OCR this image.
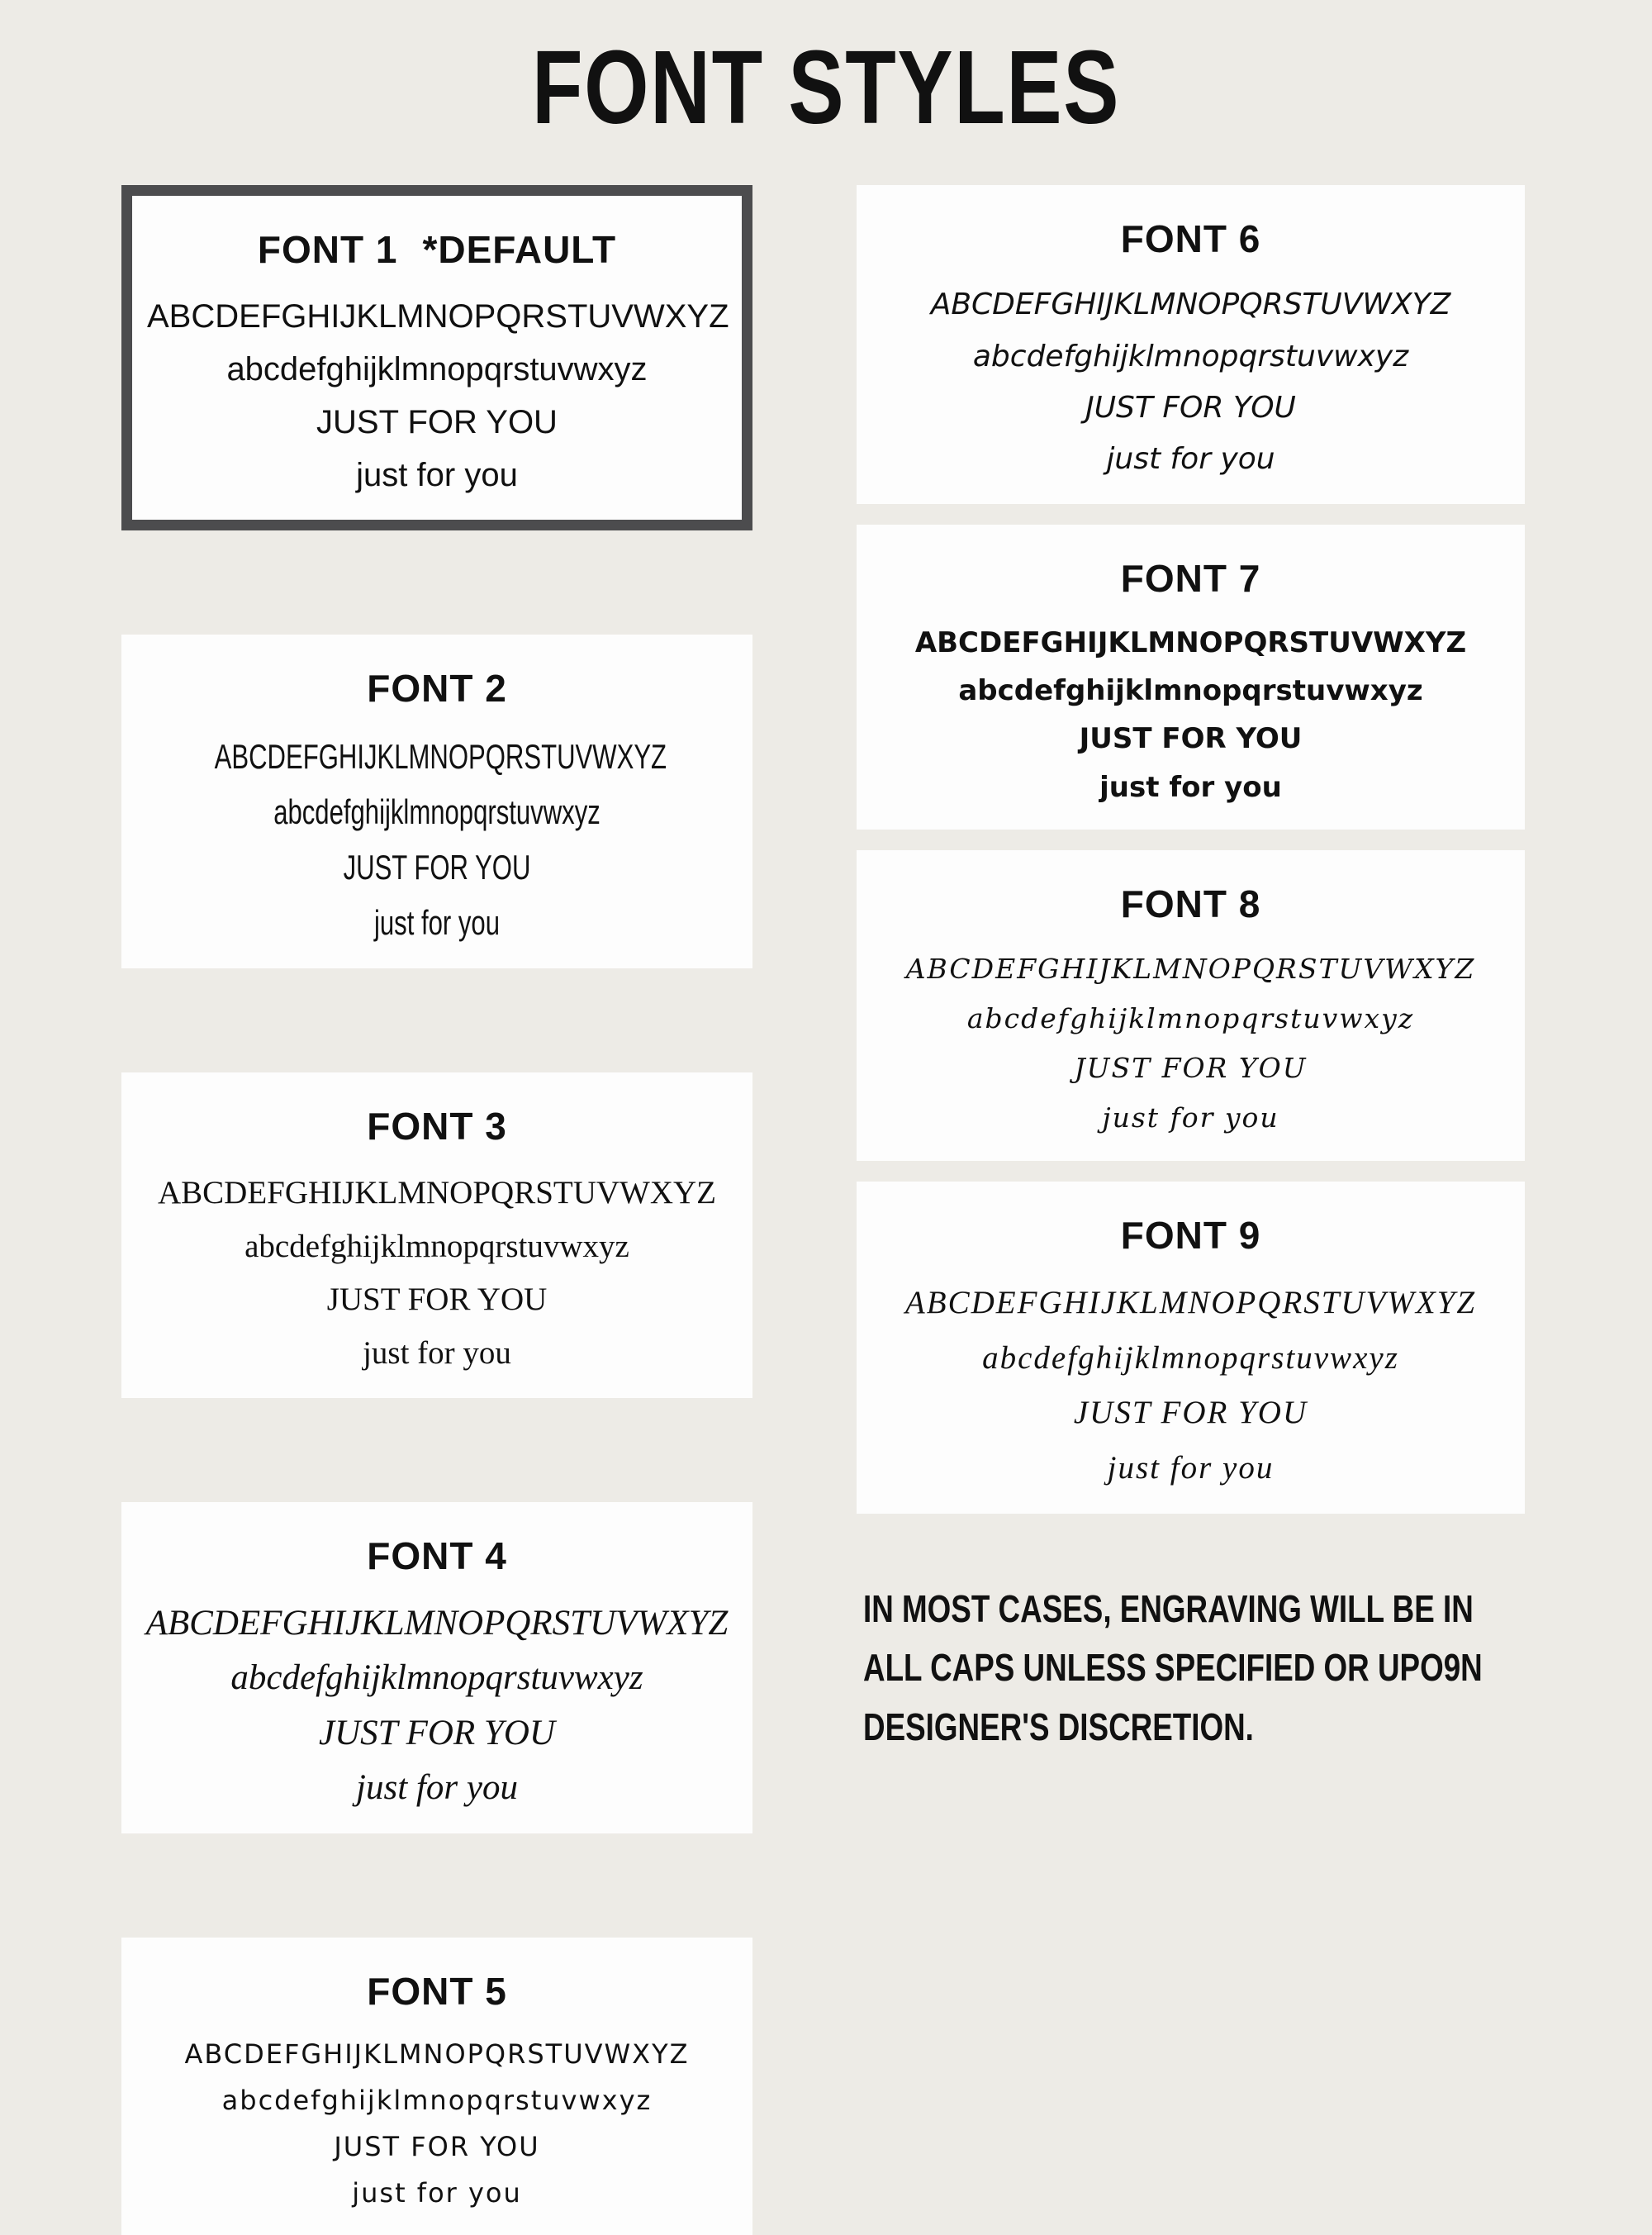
FONT STYLES
FONT 1 *DEFAULT
ABCDEFGHIJKLMNOPQRSTUVWXYZ
abcdefghijklmnopqrstuvwxyz
JUST FOR YOU
just for you
FONT 2
ABCDEFGHIJKLMNOPQRSTUVWXYZ
abcdefghijklmnopqrstuvwxyz
JUST FOR YOU
just for you
FONT 3
ABCDEFGHIJKLMNOPQRSTUVWXYZ
abcdefghijklmnopqrstuvwxyz
JUST FOR YOU
just for you
FONT 4
ABCDEFGHIJKLMNOPQRSTUVWXYZ
abcdefghijklmnopqrstuvwxyz
JUST FOR YOU
just for you
FONT 5
ABCDEFGHIJKLMNOPQRSTUVWXYZ
abcdefghijklmnopqrstuvwxyz
JUST FOR YOU
just for you
FONT 6
ABCDEFGHIJKLMNOPQRSTUVWXYZ
abcdefghijklmnopqrstuvwxyz
JUST FOR YOU
just for you
FONT 7
ABCDEFGHIJKLMNOPQRSTUVWXYZ
abcdefghijklmnopqrstuvwxyz
JUST FOR YOU
just for you
FONT 8
ABCDEFGHIJKLMNOPQRSTUVWXYZ
abcdefghijklmnopqrstuvwxyz
JUST FOR YOU
just for you
FONT 9
ABCDEFGHIJKLMNOPQRSTUVWXYZ
abcdefghijklmnopqrstuvwxyz
JUST FOR YOU
just for you
IN MOST CASES, ENGRAVING WILL BE IN
ALL CAPS UNLESS SPECIFIED OR UPO9N
DESIGNER'S DISCRETION.
